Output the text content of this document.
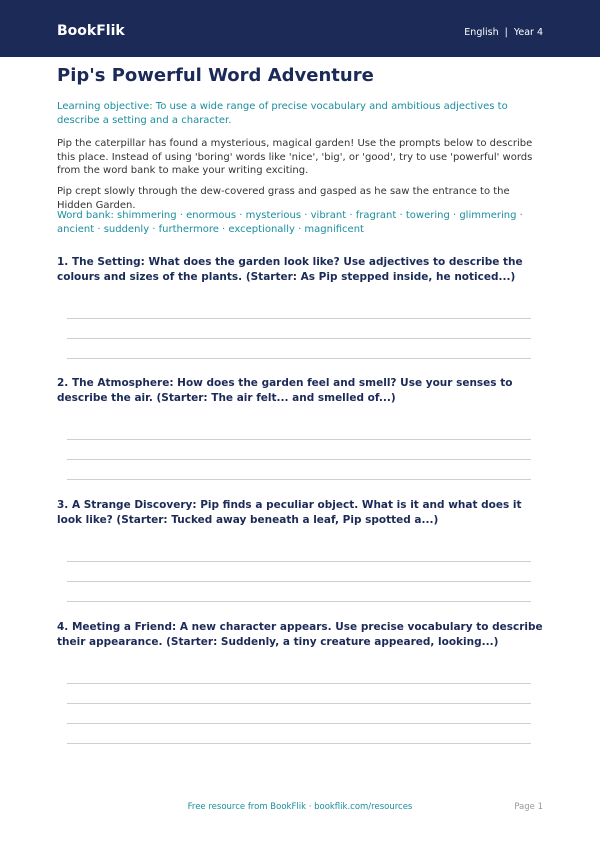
BookFlik	English | Year 4
Pip's Powerful Word Adventure

Learning objective: To use a wide range of precise vocabulary and ambitious adjectives to describe a setting and a character.

Pip the caterpillar has found a mysterious, magical garden! Use the prompts below to describe this place. Instead of using 'boring' words like 'nice', 'big', or 'good', try to use 'powerful' words from the word bank to make your writing exciting.

Pip crept slowly through the dew-covered grass and gasped as he saw the entrance to the Hidden Garden.

Word bank: shimmering · enormous · mysterious · vibrant · fragrant · towering · glimmering · ancient · suddenly · furthermore · exceptionally · magnificent

1. The Setting: What does the garden look like? Use adjectives to describe the colours and sizes of the plants. (Starter: As Pip stepped inside, he noticed...)
2. The Atmosphere: How does the garden feel and smell? Use your senses to describe the air. (Starter: The air felt... and smelled of...)
3. A Strange Discovery: Pip finds a peculiar object. What is it and what does it look like? (Starter: Tucked away beneath a leaf, Pip spotted a...)
4. Meeting a Friend: A new character appears. Use precise vocabulary to describe their appearance. (Starter: Suddenly, a tiny creature appeared, looking...)
Free resource from BookFlik · bookflik.com/resources	Page 1
